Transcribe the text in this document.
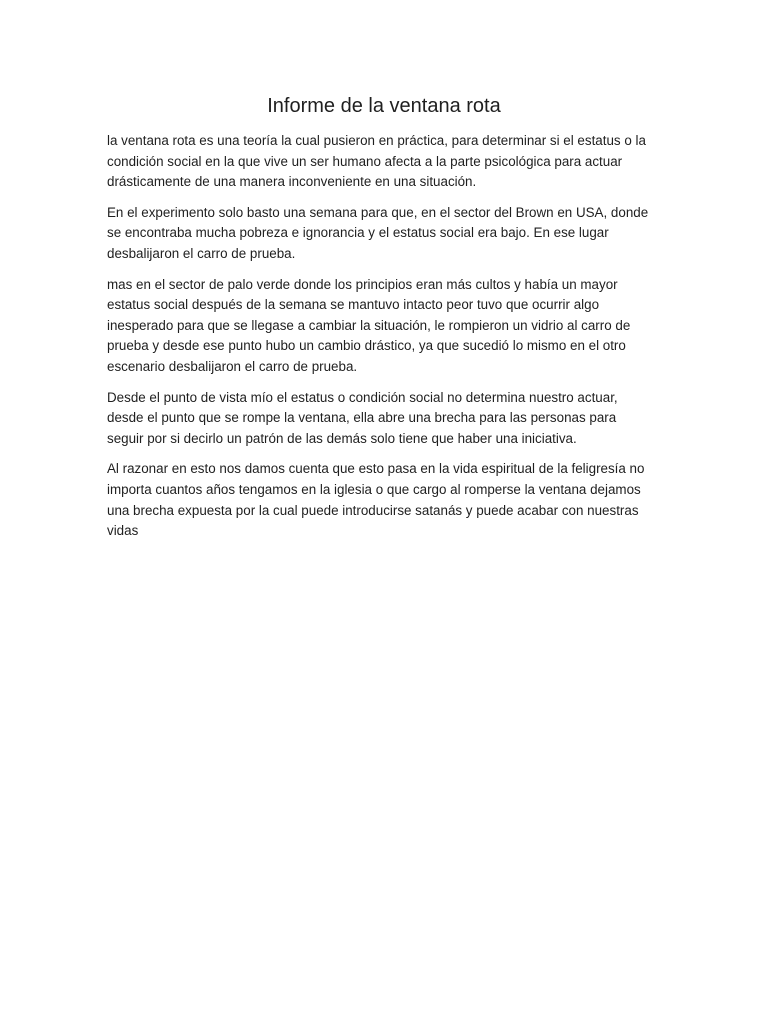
Informe de la ventana rota

la ventana rota es una teoría la cual pusieron en práctica, para determinar si el estatus o la
condición social en la que vive un ser humano afecta a la parte psicológica para actuar
drásticamente de una manera inconveniente en una situación.

En el experimento solo basto una semana para que, en el sector del Brown en USA, donde
se encontraba mucha pobreza e ignorancia y el estatus social era bajo. En ese lugar
desbalijaron el carro de prueba.

mas en el sector de palo verde donde los principios eran más cultos y había un mayor
estatus social después de la semana se mantuvo intacto peor tuvo que ocurrir algo
inesperado para que se llegase a cambiar la situación, le rompieron un vidrio al carro de
prueba y desde ese punto hubo un cambio drástico, ya que sucedió lo mismo en el otro
escenario desbalijaron el carro de prueba.

Desde el punto de vista mío el estatus o condición social no determina nuestro actuar,
desde el punto que se rompe la ventana, ella abre una brecha para las personas para
seguir por si decirlo un patrón de las demás solo tiene que haber una iniciativa.

Al razonar en esto nos damos cuenta que esto pasa en la vida espiritual de la feligresía no
importa cuantos años tengamos en la iglesia o que cargo al romperse la ventana dejamos
una brecha expuesta por la cual puede introducirse satanás y puede acabar con nuestras
vidas
